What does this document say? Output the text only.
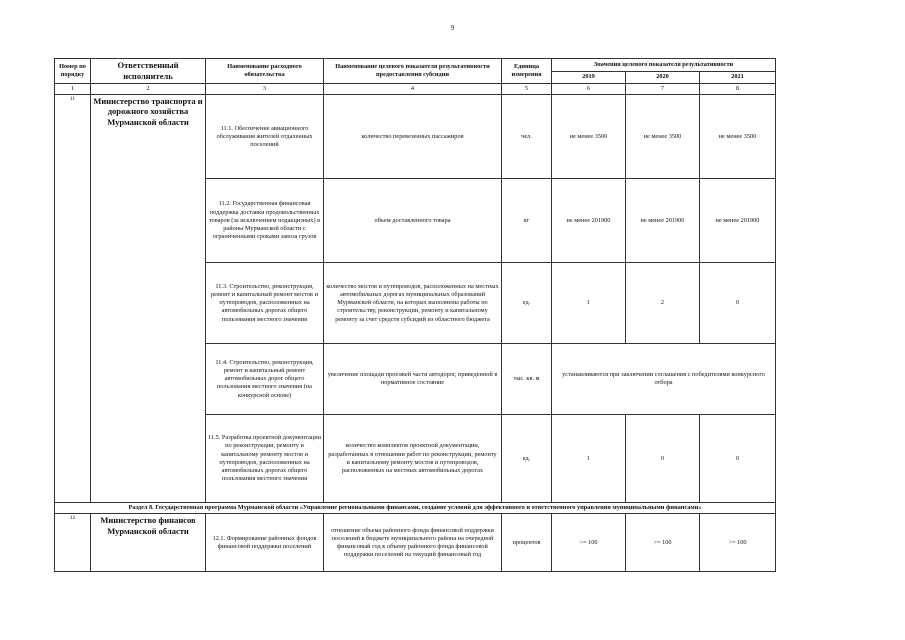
9
Номер по порядку	Ответственный исполнитель	Наименование расходного обязательства	Наименование целевого показателя результативности предоставления субсидии	Единица измерения	Значения целевого показателя результативности		
					2019	2020	2021
1	2	3	4	5	6	7	8
11	Министерство транспорта и дорожного хозяйства Мурманской области	11.1. Обеспечение авиационного обслуживания жителей отдаленных поселений	количество перевезенных пассажиров	чел.	не менее 3500	не менее 3500	не менее 3500
		11.2. Государственная финансовая поддержка доставки продовольственных товаров (за исключением подакцизных) в районы Мурманской области с ограниченными сроками завоза грузов	объем доставленного товара	кг	не менее 201900	не менее 201900	не менее 201900
		11.3. Строительство, реконструкция, ремонт и капитальный ремонт мостов и путепроводов, расположенных на автомобильных дорогах общего пользования местного значения	количество мостов и путепроводов, расположенных на местных автомобильных дорогах муниципальных образований Мурманской области, на которых выполнены работы по строительству, реконструкции, ремонту и капитальному ремонту за счет средств субсидий из областного бюджета	ед.	1	2	0
		11.4. Строительство, реконструкция, ремонт и капитальный ремонт автомобильных дорог общего пользования местного значения (на конкурсной основе)	увеличение площади проезжей части автодорог, приведенной в нормативное состояние	тыс. кв. м	устанавливаются при заключении соглашения с победителями конкурсного отбора		
		11.5. Разработка проектной документации по реконструкции, ремонту и капитальному ремонту мостов и путепроводов, расположенных на автомобильных дорогах общего пользования местного значения	количество комплектов проектной документации, разработанных в отношении работ по реконструкции, ремонту и капитальному ремонту мостов и путепроводов, расположенных на местных автомобильных дорогах	ед.	1	0	0
Раздел 8. Государственная программа Мурманской области «Управление региональными финансами, создание условий для эффективного и ответственного управления муниципальными финансами»							
12	Министерство финансов Мурманской области	12.1. Формирование районных фондов финансовой поддержки поселений	отношение объема районного фонда финансовой поддержки поселений в бюджете муниципального района на очередной финансовый год к объему районного фонда финансовой поддержки поселений на текущий финансовый год	процентов	>= 100	>= 100	>= 100
